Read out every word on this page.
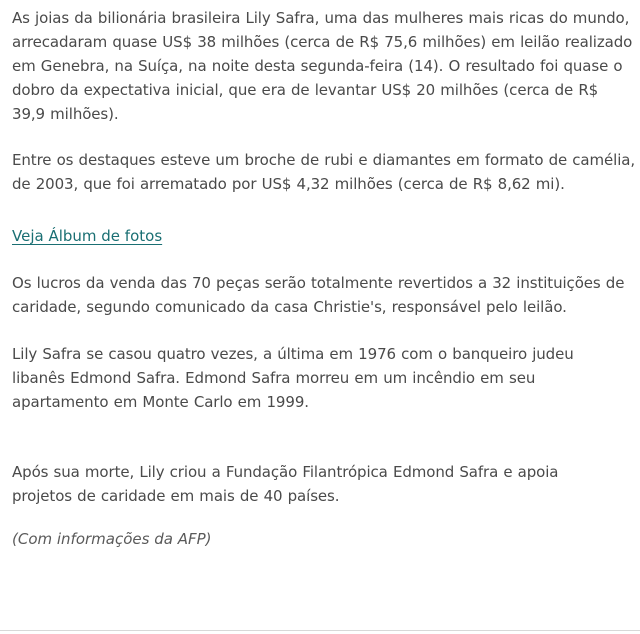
As joias da bilionária brasileira Lily Safra, uma das mulheres mais ricas do mundo, arrecadaram quase US$ 38 milhões (cerca de R$ 75,6 milhões) em leilão realizado em Genebra, na Suíça, na noite desta segunda-feira (14). O resultado foi quase o dobro da expectativa inicial, que era de levantar US$ 20 milhões (cerca de R$ 39,9 milhões).

Entre os destaques esteve um broche de rubi e diamantes em formato de camélia, de 2003, que foi arrematado por US$ 4,32 milhões (cerca de R$ 8,62 mi).

Veja Álbum de fotos

Os lucros da venda das 70 peças serão totalmente revertidos a 32 instituições de caridade, segundo comunicado da casa Christie's, responsável pelo leilão.

Lily Safra se casou quatro vezes, a última em 1976 com o banqueiro judeu libanês Edmond Safra. Edmond Safra morreu em um incêndio em seu apartamento em Monte Carlo em 1999.

Após sua morte, Lily criou a Fundação Filantrópica Edmond Safra e apoia projetos de caridade em mais de 40 países.

(Com informações da AFP)
